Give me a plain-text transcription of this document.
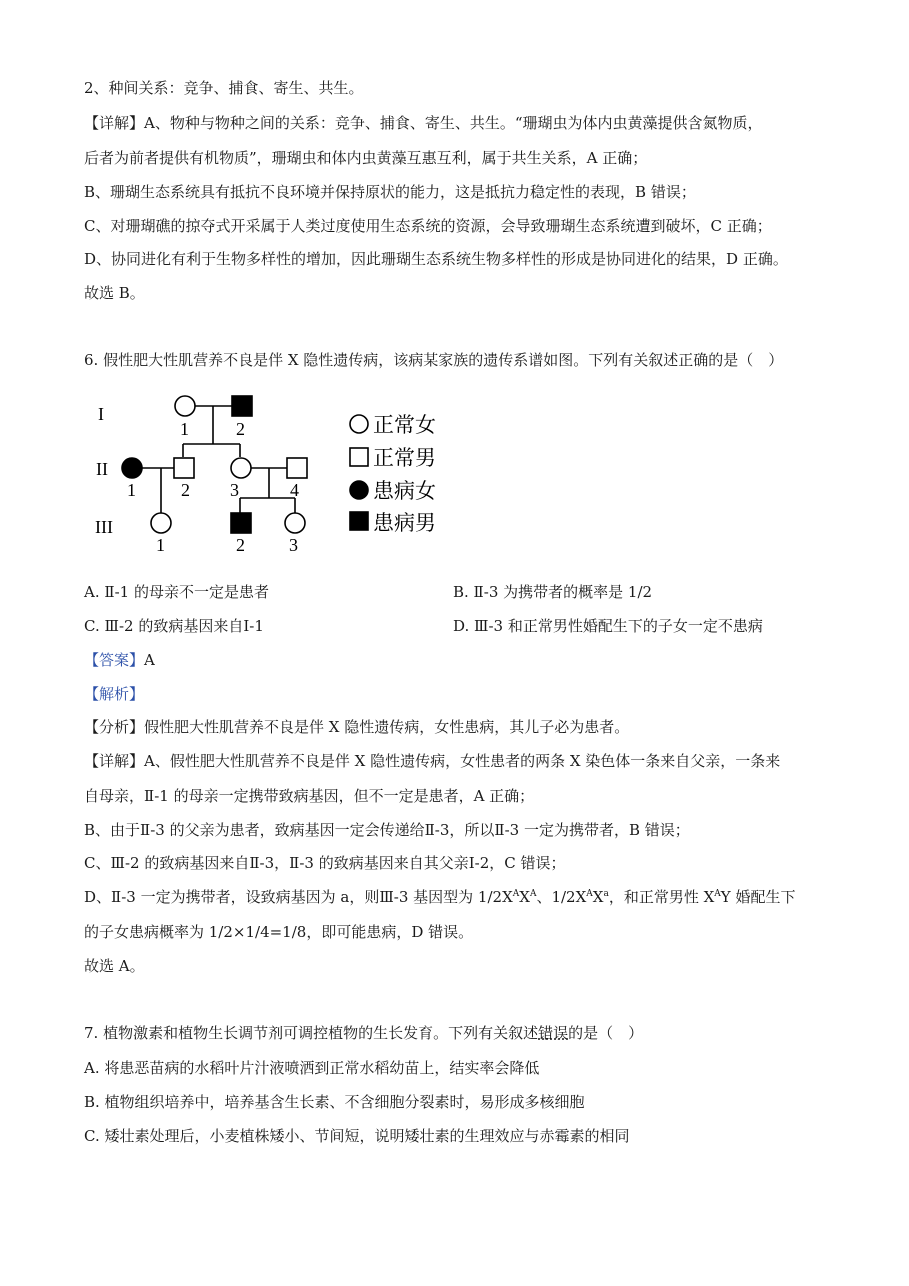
2、种间关系：竞争、捕食、寄生、共生。
【详解】A、物种与物种之间的关系：竞争、捕食、寄生、共生。“珊瑚虫为体内虫黄藻提供含氮物质，
后者为前者提供有机物质”，珊瑚虫和体内虫黄藻互惠互利，属于共生关系，A 正确；
B、珊瑚生态系统具有抵抗不良环境并保持原状的能力，这是抵抗力稳定性的表现，B 错误；
C、对珊瑚礁的掠夺式开采属于人类过度使用生态系统的资源，会导致珊瑚生态系统遭到破坏，C 正确；
D、协同进化有利于生物多样性的增加，因此珊瑚生态系统生物多样性的形成是协同进化的结果，D 正确。
故选 B。
6. 假性肥大性肌营养不良是伴 X 隐性遗传病，该病某家族的遗传系谱如图。下列有关叙述正确的是（　）
I
II
III
1	2
1	2 3	4
1	2 3
正常女
正常男
患病女
患病男
A. Ⅱ-1 的母亲不一定是患者	B. Ⅱ-3 为携带者的概率是 1/2
C. Ⅲ-2 的致病基因来自Ⅰ-1	D. Ⅲ-3 和正常男性婚配生下的子女一定不患病
【答案】A
【解析】
【分析】假性肥大性肌营养不良是伴 X 隐性遗传病，女性患病，其儿子必为患者。
【详解】A、假性肥大性肌营养不良是伴 X 隐性遗传病，女性患者的两条 X 染色体一条来自父亲，一条来
自母亲，Ⅱ-1 的母亲一定携带致病基因，但不一定是患者，A 正确；
B、由于Ⅱ-3 的父亲为患者，致病基因一定会传递给Ⅱ-3，所以Ⅱ-3 一定为携带者，B 错误；
C、Ⅲ-2 的致病基因来自Ⅱ-3，Ⅱ-3 的致病基因来自其父亲Ⅰ-2，C 错误；
D、Ⅱ-3 一定为携带者，设致病基因为 a，则Ⅲ-3 基因型为 $1/2X^AX^A$、$1/2X^AX^a$，和正常男性 $X^AY$ 婚配生下
的子女患病概率为 1/2×1/4=1/8，即可能患病，D 错误。
故选 A。
7. 植物激素和植物生长调节剂可调控植物的生长发育。下列有关叙述错误的是（　）
A. 将患恶苗病的水稻叶片汁液喷洒到正常水稻幼苗上，结实率会降低
B. 植物组织培养中，培养基含生长素、不含细胞分裂素时，易形成多核细胞
C. 矮壮素处理后，小麦植株矮小、节间短，说明矮壮素的生理效应与赤霉素的相同
